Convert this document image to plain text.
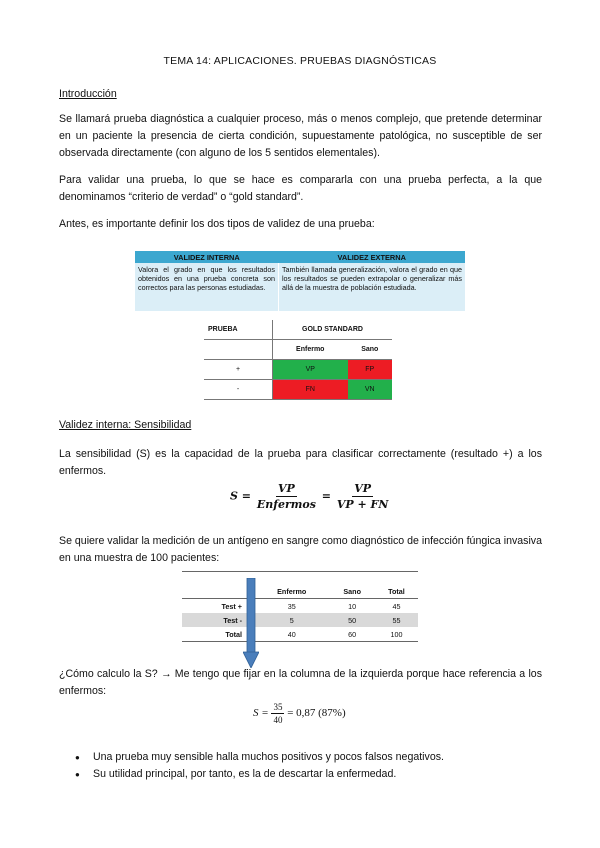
TEMA 14: APLICACIONES. PRUEBAS DIAGNÓSTICAS
Introducción
Se llamará prueba diagnóstica a cualquier proceso, más o menos complejo, que pretende determinar en un paciente la presencia de cierta condición, supuestamente patológica, no susceptible de ser observada directamente (con alguno de los 5 sentidos elementales).
Para validar una prueba, lo que se hace es compararla con una prueba perfecta, a la que denominamos “criterio de verdad” o “gold standard”.
Antes, es importante definir los dos tipos de validez de una prueba:
VALIDEZ INTERNA	VALIDEZ EXTERNA
Valora el grado en que los resultados obtenidos en una prueba concreta son correctos para las personas estudiadas.	También llamada generalización, valora el grado en que los resultados se pueden extrapolar o generalizar más allá de la muestra de población estudiada.
PRUEBA	GOLD STANDARD	
	Enfermo	Sano
+	VP	FP
-	FN	VN
Validez interna: Sensibilidad
La sensibilidad (S) es la capacidad de la prueba para clasificar correctamente (resultado +) a los enfermos.
$S = \frac{VP}{\text{Enfermos}} = \frac{VP}{VP + FN}$
Se quiere validar la medición de un antígeno en sangre como diagnóstico de infección fúngica invasiva en una muestra de 100 pacientes:
	Enfermo	Sano	Total
Test +	35	10	45
Test -	5	50	55
Total	40	60	100
¿Cómo calculo la S? → Me tengo que fijar en la columna de la izquierda porque hace referencia a los enfermos:
$S = \frac{35}{40} = 0,87$ (87%)
● Una prueba muy sensible halla muchos positivos y pocos falsos negativos.
● Su utilidad principal, por tanto, es la de descartar la enfermedad.
